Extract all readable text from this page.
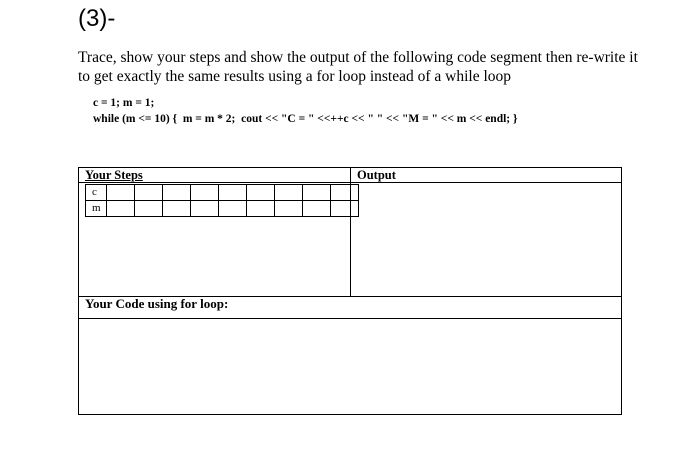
(3)-
Trace, show your steps and show the output of the following code segment then re-write it to get exactly the same results using a for loop instead of a while loop
c = 1; m = 1;
while (m <= 10) {  m = m * 2;  cout << "C = " <<++c << " " << "M = " << m << endl; }
Your Steps	Output
c									
m									
Your Code using for loop:
